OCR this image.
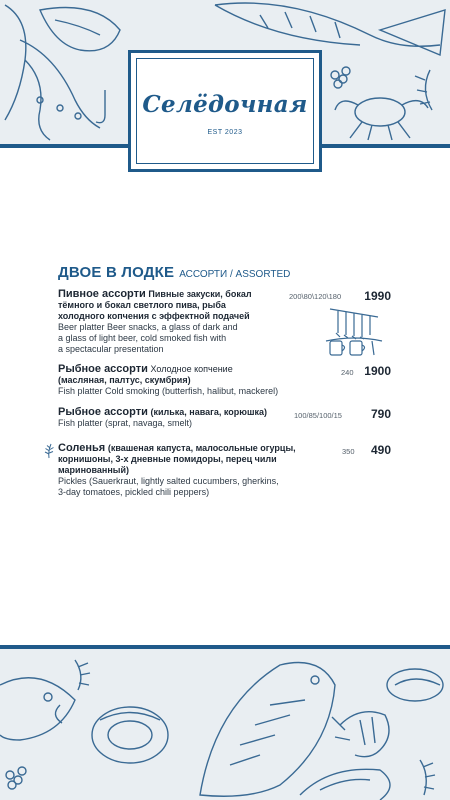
Селёдочная
EST 2023
ДВОЕ В ЛОДКЕ АССОРТИ / ASSORTED
Пивное ассорти Пивные закуски, бокал
тёмного и бокал светлого пива, рыба
холодного копчения с эффектной подачей
Beer platter Beer snacks, a glass of dark and
a glass of light beer, cold smoked fish with
a spectacular presentation
200\80\120\180 1990
Рыбное ассорти Холодное копчение
(масляная, палтус, скумбрия)
Fish platter Cold smoking (butterfish, halibut, mackerel)
240 1900
Рыбное ассорти (килька, навага, корюшка)
Fish platter (sprat, navaga, smelt)
100/85/100/15 790
Соленья (квашеная капуста, малосольные огурцы,
корнишоны, 3-х дневные помидоры, перец чили
маринованный)
Pickles (Sauerkraut, lightly salted cucumbers, gherkins,
3-day tomatoes, pickled chili peppers)
350 490
